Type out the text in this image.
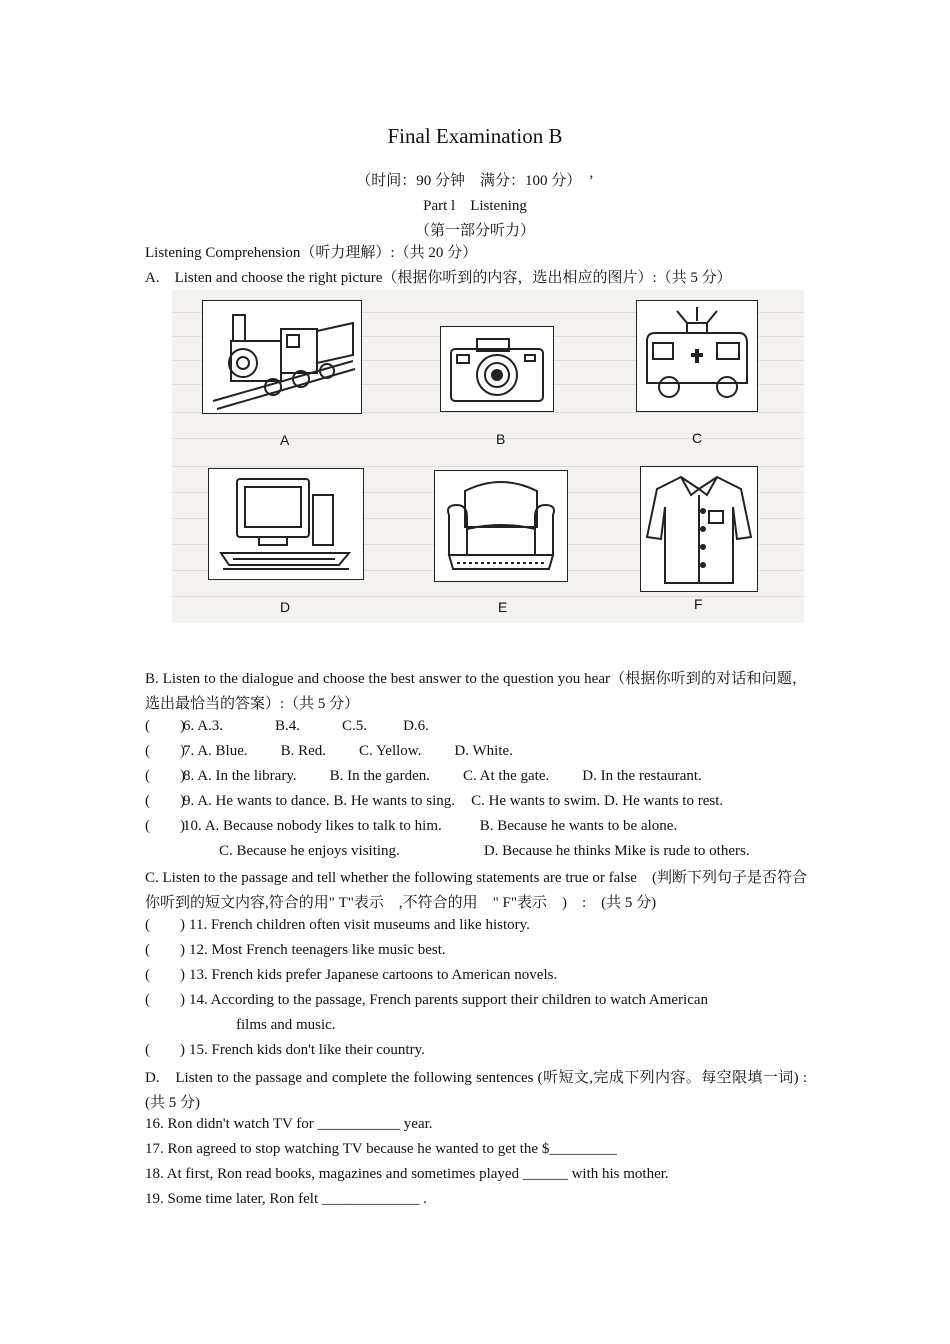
Final Examination B
（时间：90 分钟　满分：100 分）　’
Part l　Listening
（第一部分听力）
Listening Comprehension（听力理解）:（共 20 分）
A.　Listen and choose the right picture（根据你听到的内容，选出相应的图片）:（共 5 分）
A	B	C
D	E	F
B. Listen to the dialogue and choose the best answer to the question you hear（根据你听到的对话和问题，选出最恰当的答案）:（共 5 分）
(　　)6. A.3.	B.4.	C.5. D.6.
(　　)7. A. Blue. B. Red. C. Yellow. D. White.
(　　)8. A. In the library. B. In the garden. C. At the gate. D. In the restaurant.
(　　)9. A. He wants to dance. B. He wants to sing. C. He wants to swim. D. He wants to rest.
(　　)10. A. Because nobody likes to talk to him.	B. Because he wants to be alone.
C. Because he enjoys visiting.	D. Because he thinks Mike is rude to others.
C. Listen to the passage and tell whether the following statements are true or false　(判断下列句子是否符合你听到的短文内容,符合的用" T"表示　,不符合的用　" F"表示　)　:　(共 5 分)
(　　) 11. French children often visit museums and like history.
(　　) 12. Most French teenagers like music best.
(　　) 13. French kids prefer Japanese cartoons to American novels.
(　　) 14. According to the passage, French parents support their children to watch American
films and music.
(　　) 15. French kids don't like their country.
D.　Listen to the passage and complete the following sentences (听短文,完成下列内容。每空限填一词) : (共 5 分)
16. Ron didn't watch TV for ___________ year.
17. Ron agreed to stop watching TV because he wanted to get the $_________
18. At first, Ron read books, magazines and sometimes played ______ with his mother.
19. Some time later, Ron felt _____________ .
